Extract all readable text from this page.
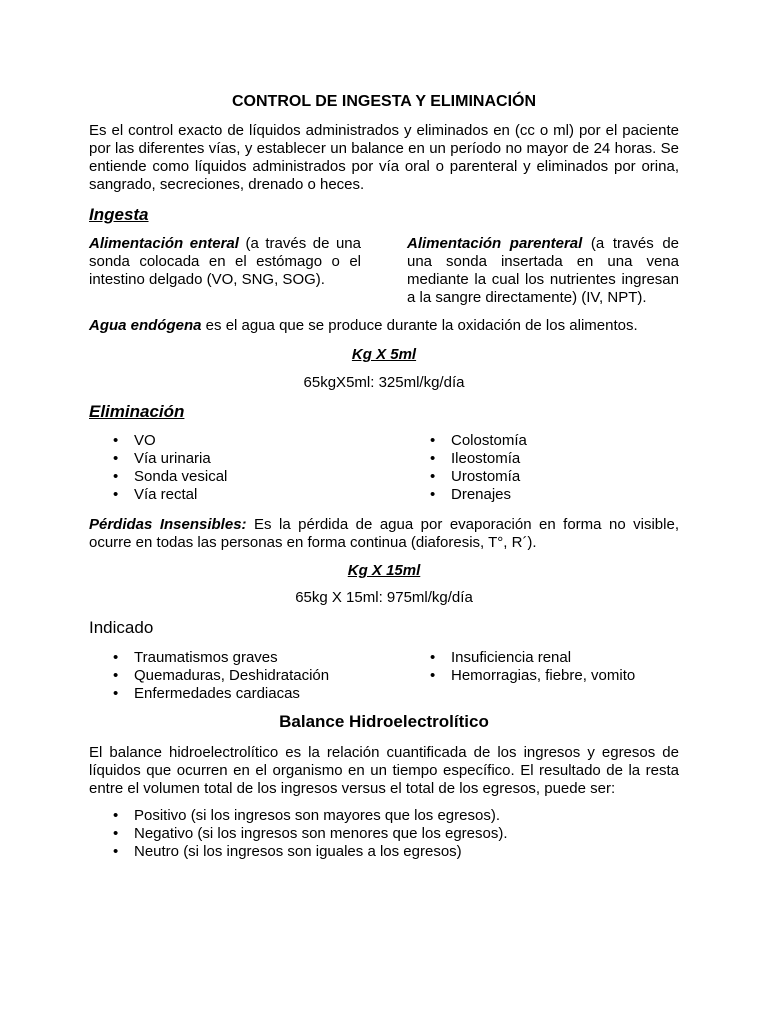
CONTROL DE INGESTA Y ELIMINACIÓN

Es el control exacto de líquidos administrados y eliminados en (cc o ml) por el paciente por las diferentes vías, y establecer un balance en un período no mayor de 24 horas. Se entiende como líquidos administrados por vía oral o parenteral y eliminados por orina, sangrado, secreciones, drenado o heces.

Ingesta
Alimentación enteral (a través de una sonda colocada en el estómago o el intestino delgado (VO, SNG, SOG).
Alimentación parenteral (a través de una sonda insertada en una vena mediante la cual los nutrientes ingresan a la sangre directamente) (IV, NPT).
Agua endógena es el agua que se produce durante la oxidación de los alimentos.
Kg X 5ml
65kgX5ml: 325ml/kg/día
Eliminación
• VO
• Vía urinaria
• Sonda vesical
• Vía rectal
• Colostomía
• Ileostomía
• Urostomía
• Drenajes
Pérdidas Insensibles: Es la pérdida de agua por evaporación en forma no visible, ocurre en todas las personas en forma continua (diaforesis, T°, R´).
Kg X 15ml
65kg X 15ml: 975ml/kg/día
Indicado
• Traumatismos graves
• Quemaduras, Deshidratación
• Enfermedades cardiacas
• Insuficiencia renal
• Hemorragias, fiebre, vomito
Balance Hidroelectrolítico

El balance hidroelectrolítico es la relación cuantificada de los ingresos y egresos de líquidos que ocurren en el organismo en un tiempo específico. El resultado de la resta entre el volumen total de los ingresos versus el total de los egresos, puede ser:

• Positivo (si los ingresos son mayores que los egresos).
• Negativo (si los ingresos son menores que los egresos).
• Neutro (si los ingresos son iguales a los egresos)
